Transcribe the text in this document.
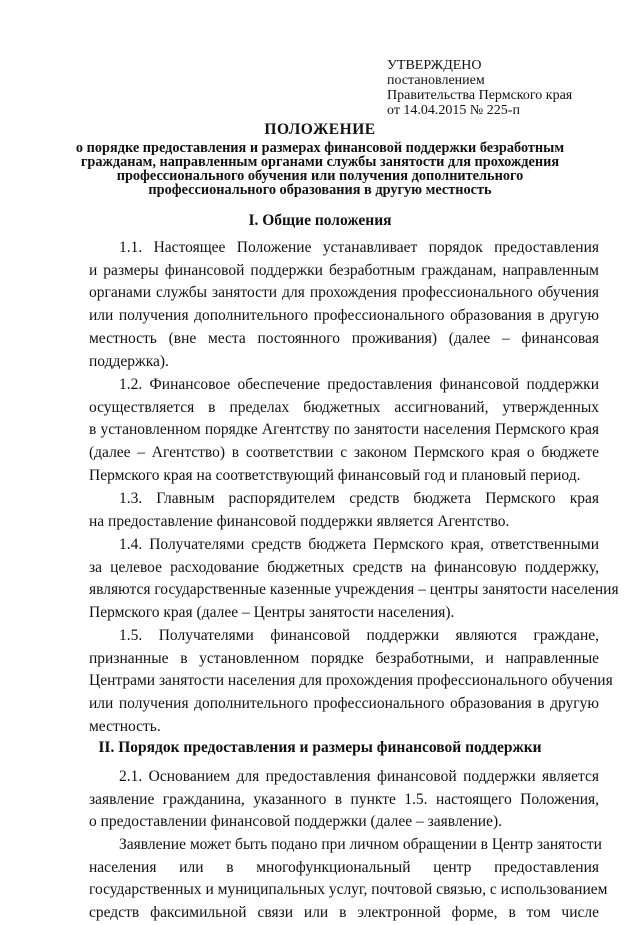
УТВЕРЖДЕНО
постановлением
Правительства Пермского края
от 14.04.2015 № 225-п
ПОЛОЖЕНИЕ
о порядке предоставления и размерах финансовой поддержки безработным
гражданам, направленным органами службы занятости для прохождения
профессионального обучения или получения дополнительного
профессионального образования в другую местность
I. Общие положения
1.1. Настоящее Положение устанавливает порядок предоставления
и размеры финансовой поддержки безработным гражданам, направленным
органами службы занятости для прохождения профессионального обучения
или получения дополнительного профессионального образования в другую
местность (вне места постоянного проживания) (далее – финансовая
поддержка).
1.2. Финансовое обеспечение предоставления финансовой поддержки
осуществляется в пределах бюджетных ассигнований, утвержденных
в установленном порядке Агентству по занятости населения Пермского края
(далее – Агентство) в соответствии с законом Пермского края о бюджете
Пермского края на соответствующий финансовый год и плановый период.
1.3. Главным распорядителем средств бюджета Пермского края
на предоставление финансовой поддержки является Агентство.
1.4. Получателями средств бюджета Пермского края, ответственными
за целевое расходование бюджетных средств на финансовую поддержку,
являются государственные казенные учреждения – центры занятости населения
Пермского края (далее – Центры занятости населения).
1.5. Получателями финансовой поддержки являются граждане,
признанные в установленном порядке безработными, и направленные
Центрами занятости населения для прохождения профессионального обучения
или получения дополнительного профессионального образования в другую
местность.
II. Порядок предоставления и размеры финансовой поддержки
2.1. Основанием для предоставления финансовой поддержки является
заявление гражданина, указанного в пункте 1.5. настоящего Положения,
о предоставлении финансовой поддержки (далее – заявление).
Заявление может быть подано при личном обращении в Центр занятости
населения или в многофункциональный центр предоставления
государственных и муниципальных услуг, почтовой связью, с использованием
средств факсимильной связи или в электронной форме, в том числе
